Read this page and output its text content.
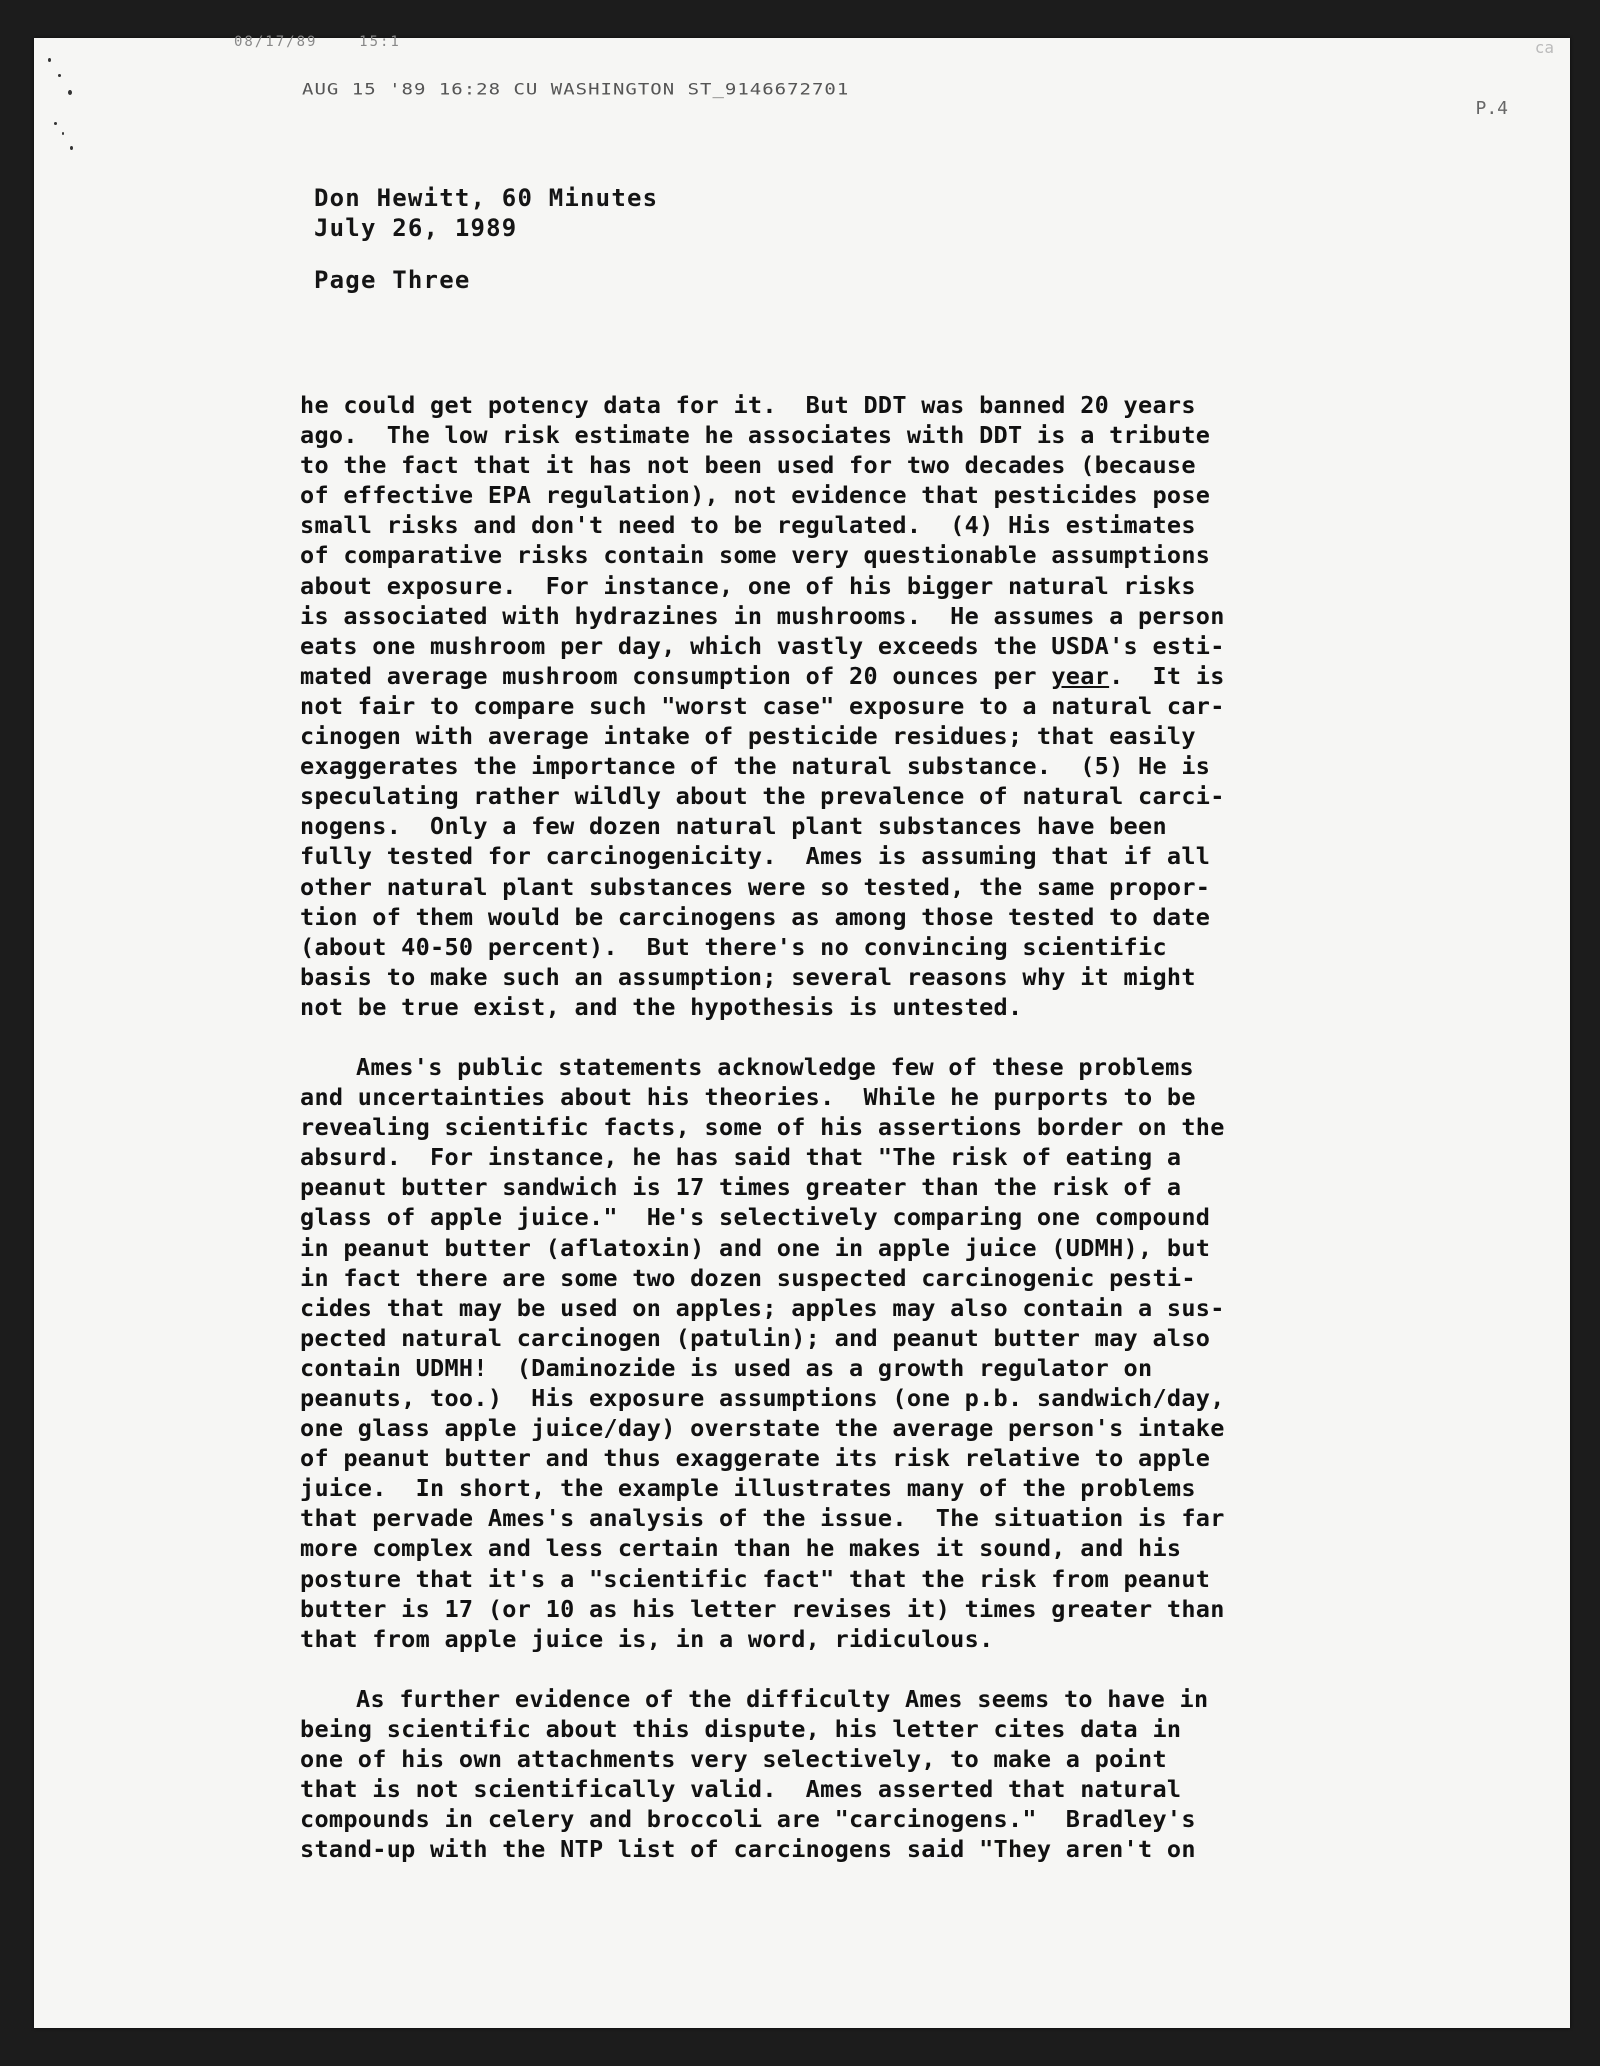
08/17/89    15:1
AUG 15 '89 16:28 CU WASHINGTON ST_9146672701
P.4
ca
Don Hewitt, 60 Minutes
July 26, 1989
Page Three
he could get potency data for it.  But DDT was banned 20 years
ago.  The low risk estimate he associates with DDT is a tribute
to the fact that it has not been used for two decades (because
of effective EPA regulation), not evidence that pesticides pose
small risks and don't need to be regulated.  (4) His estimates
of comparative risks contain some very questionable assumptions
about exposure.  For instance, one of his bigger natural risks
is associated with hydrazines in mushrooms.  He assumes a person
eats one mushroom per day, which vastly exceeds the USDA's esti-
mated average mushroom consumption of 20 ounces per year.  It is
not fair to compare such "worst case" exposure to a natural car-
cinogen with average intake of pesticide residues; that easily
exaggerates the importance of the natural substance.  (5) He is
speculating rather wildly about the prevalence of natural carci-
nogens.  Only a few dozen natural plant substances have been
fully tested for carcinogenicity.  Ames is assuming that if all
other natural plant substances were so tested, the same propor-
tion of them would be carcinogens as among those tested to date
(about 40-50 percent).  But there's no convincing scientific
basis to make such an assumption; several reasons why it might
not be true exist, and the hypothesis is untested.
Ames's public statements acknowledge few of these problems
and uncertainties about his theories.  While he purports to be
revealing scientific facts, some of his assertions border on the
absurd.  For instance, he has said that "The risk of eating a
peanut butter sandwich is 17 times greater than the risk of a
glass of apple juice."  He's selectively comparing one compound
in peanut butter (aflatoxin) and one in apple juice (UDMH), but
in fact there are some two dozen suspected carcinogenic pesti-
cides that may be used on apples; apples may also contain a sus-
pected natural carcinogen (patulin); and peanut butter may also
contain UDMH!  (Daminozide is used as a growth regulator on
peanuts, too.)  His exposure assumptions (one p.b. sandwich/day,
one glass apple juice/day) overstate the average person's intake
of peanut butter and thus exaggerate its risk relative to apple
juice.  In short, the example illustrates many of the problems
that pervade Ames's analysis of the issue.  The situation is far
more complex and less certain than he makes it sound, and his
posture that it's a "scientific fact" that the risk from peanut
butter is 17 (or 10 as his letter revises it) times greater than
that from apple juice is, in a word, ridiculous.
As further evidence of the difficulty Ames seems to have in
being scientific about this dispute, his letter cites data in
one of his own attachments very selectively, to make a point
that is not scientifically valid.  Ames asserted that natural
compounds in celery and broccoli are "carcinogens."  Bradley's
stand-up with the NTP list of carcinogens said "They aren't on
